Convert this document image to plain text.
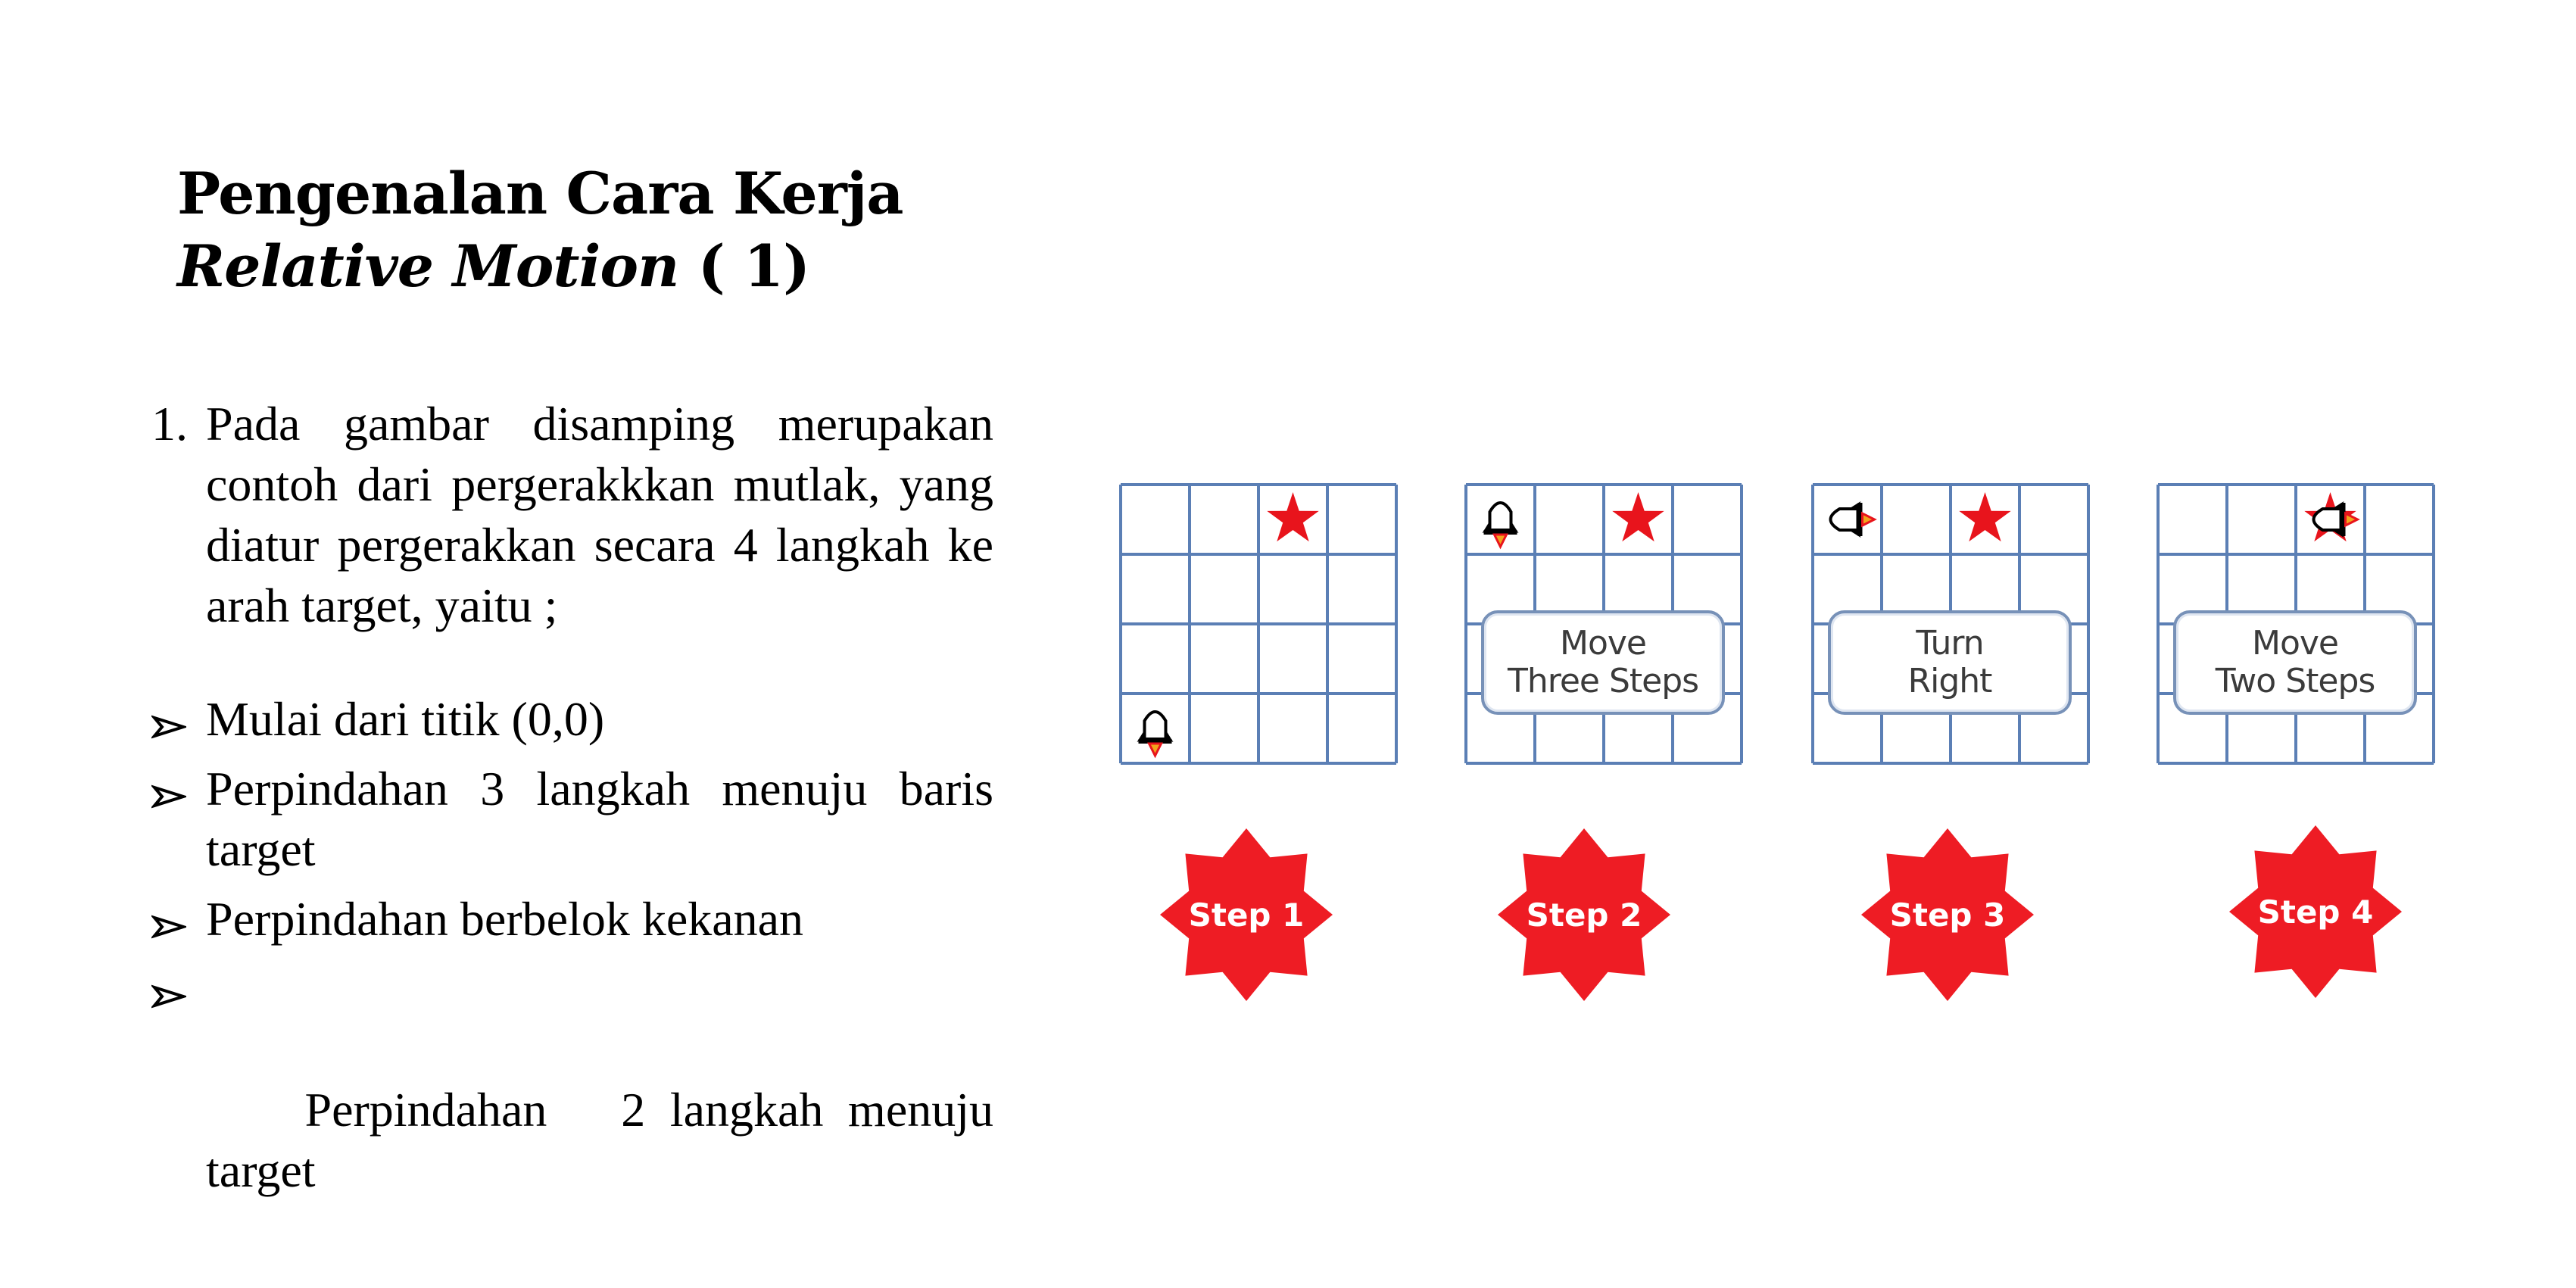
Pengenalan Cara Kerja
Relative Motion ( 1)
1. Pada gambar disamping merupakan contoh dari pergerakkkan mutlak, yang diatur pergerakkan secara 4 langkah ke arah target, yaitu ;
Mulai dari titik (0,0)
Perpindahan 3 langkah menuju baris target
Perpindahan berbelok kekanan

Perpindahan   2 langkah menuju target

Move
Three Steps
Turn
Right
Move
Two Steps
Step 1	Step 2	Step 3	Step 4
